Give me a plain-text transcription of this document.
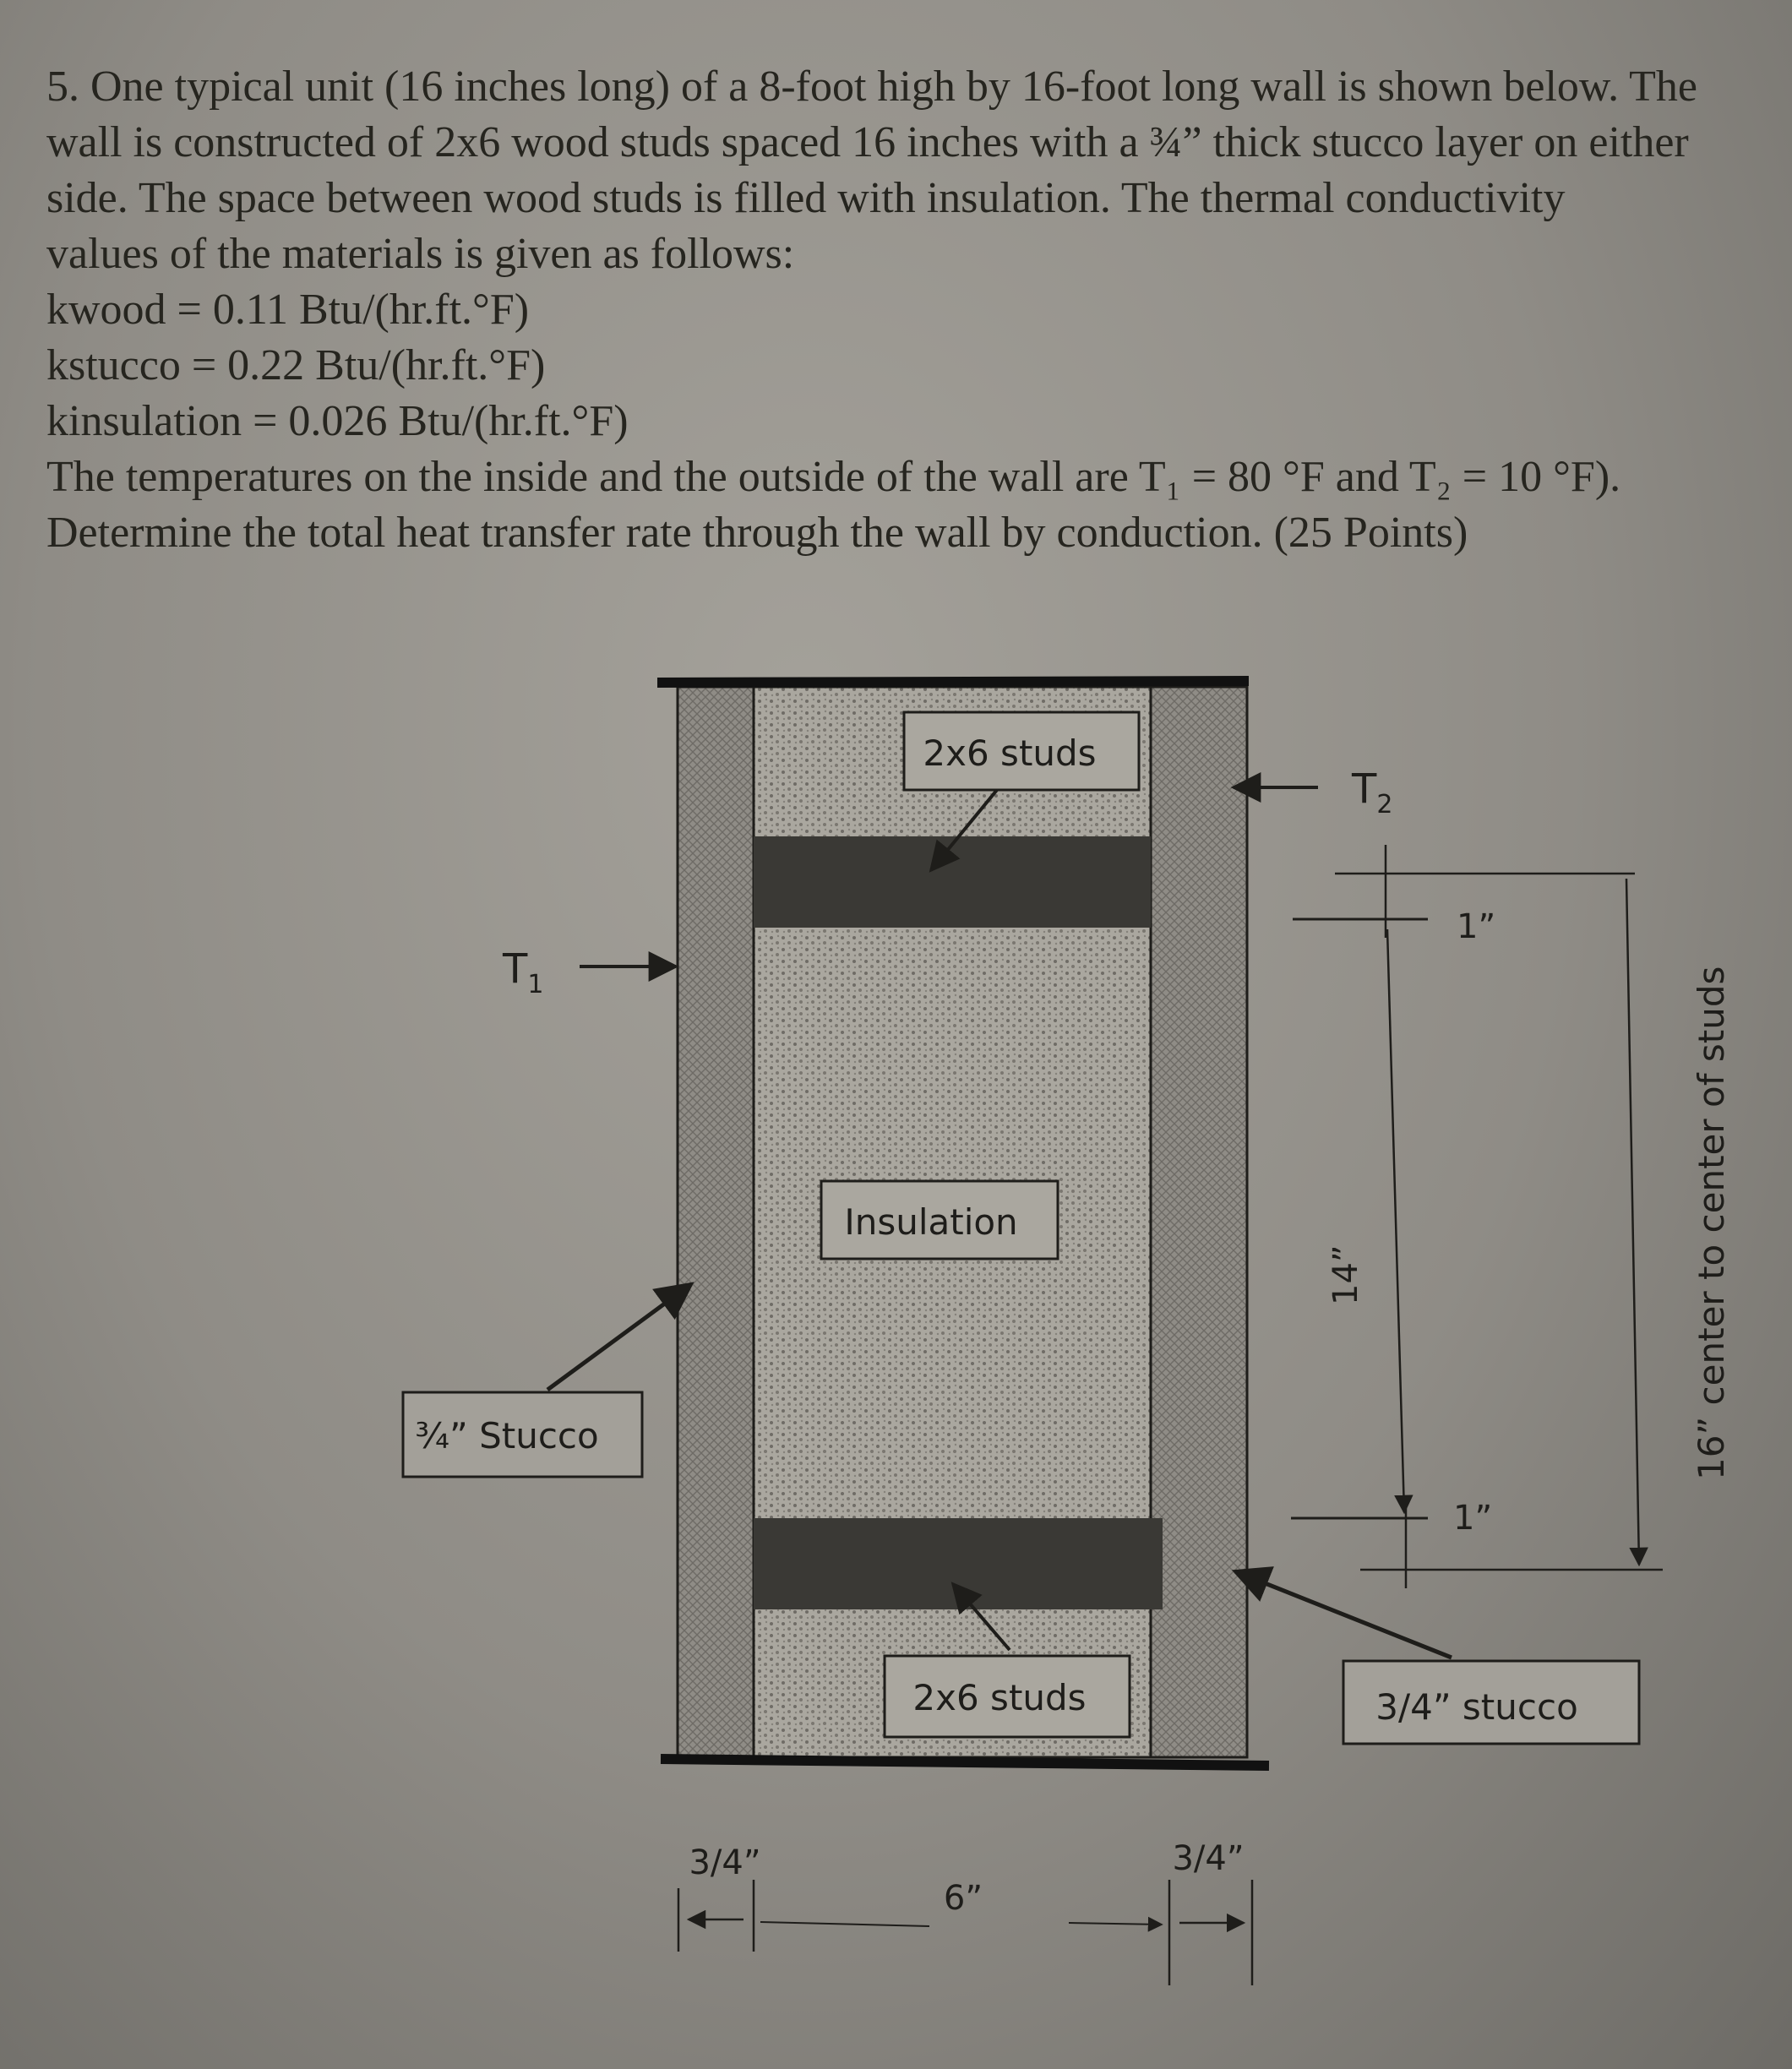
5. One typical unit (16 inches long) of a 8-foot high by 16-foot long wall is shown below. The

wall is constructed of 2x6 wood studs spaced 16 inches with a ¾” thick stucco layer on either

side. The space between wood studs is filled with insulation. The thermal conductivity

values of the materials is given as follows:

kwood = 0.11 Btu/(hr.ft.°F)

kstucco = 0.22 Btu/(hr.ft.°F)

kinsulation = 0.026 Btu/(hr.ft.°F)

The temperatures on the inside and the outside of the wall are T₁ = 80 °F and T₂ = 10 °F).

Determine the total heat transfer rate through the wall by conduction. (25 Points)

2x6 studs
Insulation
2x6 studs
$T_1$
$T_2$
¾” Stucco
3/4” stucco
1”
1”
14”	16” center to center of studs
3/4”
6”
3/4”
